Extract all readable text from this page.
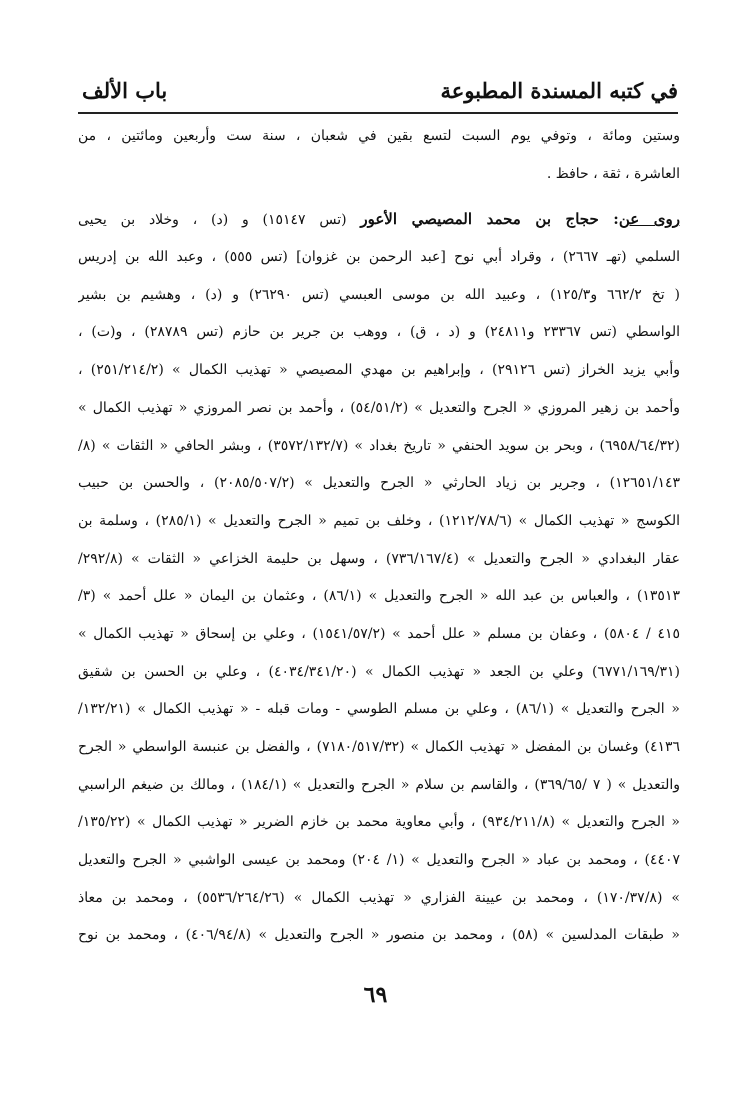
في كتبه المسندة المطبوعة
باب الألف
وستين ومائة ، وتوفي يوم السبت لتسع بقين في شعبان ، سنة ست وأربعين ومائتين ، من
العاشرة ، ثقة ، حافظ .
روى عن: حجاج بن محمد المصيصي الأعور (تس ١٥١٤٧) و (د) ، وخلاد بن يحيى
السلمي (تهـ ٢٦٦٧) ، وقراد أبي نوح [عبد الرحمن بن غزوان] (تس ٥٥٥) ، وعبد الله بن إدريس
( تخ ٦٦٢/٢ و١٢٥/٣) ، وعبيد الله بن موسى العبسي (تس ٢٦٢٩٠) و (د) ، وهشيم بن بشير
الواسطي (تس ٢٣٣٦٧ و٢٤٨١١) و (د ، ق) ، ووهب بن جرير بن حازم (تس ٢٨٧٨٩) ، و(ت) ،
وأبي يزيد الخراز (تس ٢٩١٢٦) ، وإبراهيم بن مهدي المصيصي « تهذيب الكمال » (٢٥١/٢١٤/٢) ،
وأحمد بن زهير المروزي « الجرح والتعديل » (٥٤/٥١/٢) ، وأحمد بن نصر المروزي « تهذيب الكمال »
(٦٩٥٨/٦٤/٣٢) ، وبحر بن سويد الحنفي « تاريخ بغداد » (٣٥٧٢/١٣٢/٧) ، وبشر الحافي « الثقات » (٨/
١٢٦٥١/١٤٣) ، وجرير بن زياد الحارثي « الجرح والتعديل » (٢٠٨٥/٥٠٧/٢) ، والحسن بن حبيب
الكوسج « تهذيب الكمال » (١٢١٢/٧٨/٦) ، وخلف بن تميم « الجرح والتعديل » (٢٨٥/١) ، وسلمة بن
عقار البغدادي « الجرح والتعديل » (٧٣٦/١٦٧/٤) ، وسهل بن حليمة الخزاعي « الثقات » (٢٩٢/٨/
١٣٥١٣) ، والعباس بن عبد الله « الجرح والتعديل » (٨٦/١) ، وعثمان بن اليمان « علل أحمد » (٣/
٤١٥ / ٥٨٠٤) ، وعفان بن مسلم « علل أحمد » (١٥٤١/٥٧/٢) ، وعلي بن إسحاق « تهذيب الكمال »
(٦٧٧١/١٦٩/٣١) وعلي بن الجعد « تهذيب الكمال » (٤٠٣٤/٣٤١/٢٠) ، وعلي بن الحسن بن شقيق
« الجرح والتعديل » (٨٦/١) ، وعلي بن مسلم الطوسي - ومات قبله - « تهذيب الكمال » (١٣٢/٢١/
٤١٣٦) وغسان بن المفضل « تهذيب الكمال » (٧١٨٠/٥١٧/٣٢) ، والفضل بن عنبسة الواسطي « الجرح
والتعديل » ( ٧ /٣٦٩/٦٥) ، والقاسم بن سلام « الجرح والتعديل » (١٨٤/١) ، ومالك بن ضيغم الراسبي
« الجرح والتعديل » (٩٣٤/٢١١/٨) ، وأبي معاوية محمد بن خازم الضرير « تهذيب الكمال » (١٣٥/٢٢/
٤٤٠٧) ، ومحمد بن عباد « الجرح والتعديل » (١/ ٢٠٤) ومحمد بن عيسى الواشبي « الجرح والتعديل
» (١٧٠/٣٧/٨) ، ومحمد بن عيينة الفزاري « تهذيب الكمال » (٥٥٣٦/٢٦٤/٢٦) ، ومحمد بن معاذ
« طبقات المدلسين » (٥٨) ، ومحمد بن منصور « الجرح والتعديل » (٤٠٦/٩٤/٨) ، ومحمد بن نوح
٦٩
